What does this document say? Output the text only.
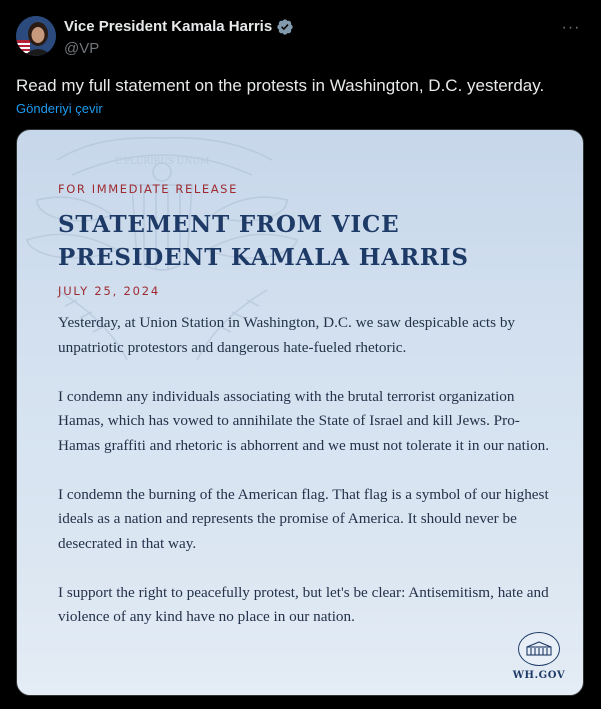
Vice President Kamala Harris
@VP
···
Read my full statement on the protests in Washington, D.C. yesterday.
Gönderiyi çevir
E PLURIBUS UNUM
FOR IMMEDIATE RELEASE
STATEMENT FROM VICE PRESIDENT KAMALA HARRIS
JULY 25, 2024

Yesterday, at Union Station in Washington, D.C. we saw despicable acts by unpatriotic protestors and dangerous hate-fueled rhetoric.

I condemn any individuals associating with the brutal terrorist organization Hamas, which has vowed to annihilate the State of Israel and kill Jews. Pro-Hamas graffiti and rhetoric is abhorrent and we must not tolerate it in our nation.

I condemn the burning of the American flag. That flag is a symbol of our highest ideals as a nation and represents the promise of America. It should never be desecrated in that way.

I support the right to peacefully protest, but let's be clear: Antisemitism, hate and violence of any kind have no place in our nation.

WH.GOV
